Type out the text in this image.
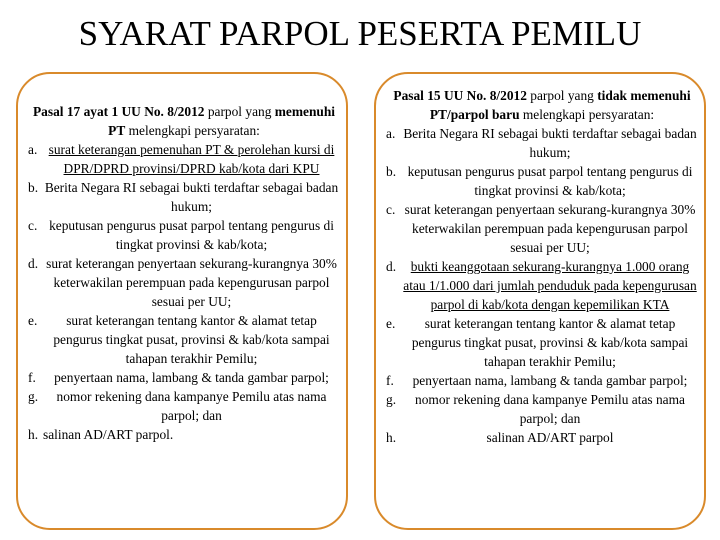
SYARAT PARPOL PESERTA PEMILU

Pasal 17 ayat 1 UU No. 8/2012 parpol yang memenuhi PT melengkapi persyaratan:

a. surat keterangan pemenuhan PT & perolehan kursi di DPR/DPRD provinsi/DPRD kab/kota dari KPU
b. Berita Negara RI sebagai bukti terdaftar sebagai badan hukum;
c. keputusan pengurus pusat parpol tentang pengurus di tingkat provinsi & kab/kota;
d. surat keterangan penyertaan sekurang-kurangnya 30% keterwakilan perempuan pada kepengurusan parpol sesuai per UU;
e.	surat keterangan tentang kantor & alamat tetap pengurus tingkat pusat, provinsi & kab/kota sampai tahapan terakhir Pemilu;
f.	penyertaan nama, lambang & tanda gambar parpol;
g.	nomor rekening dana kampanye Pemilu atas nama parpol; dan
h. salinan AD/ART parpol.

Pasal 15 UU No. 8/2012 parpol yang tidak memenuhi PT/parpol baru melengkapi persyaratan:

a. Berita Negara RI sebagai bukti terdaftar sebagai badan hukum;
b. keputusan pengurus pusat parpol tentang pengurus di tingkat provinsi & kab/kota;
c. surat keterangan penyertaan sekurang-kurangnya 30% keterwakilan perempuan pada kepengurusan parpol sesuai per UU;
d.	bukti keanggotaan sekurang-kurangnya 1.000 orang atau 1/1.000 dari jumlah penduduk pada kepengurusan parpol di kab/kota dengan kepemilikan KTA
e.	surat keterangan tentang kantor & alamat tetap pengurus tingkat pusat, provinsi & kab/kota sampai tahapan terakhir Pemilu;
f.	penyertaan nama, lambang & tanda gambar parpol;
g.	nomor rekening dana kampanye Pemilu atas nama parpol; dan
h.	salinan AD/ART parpol
